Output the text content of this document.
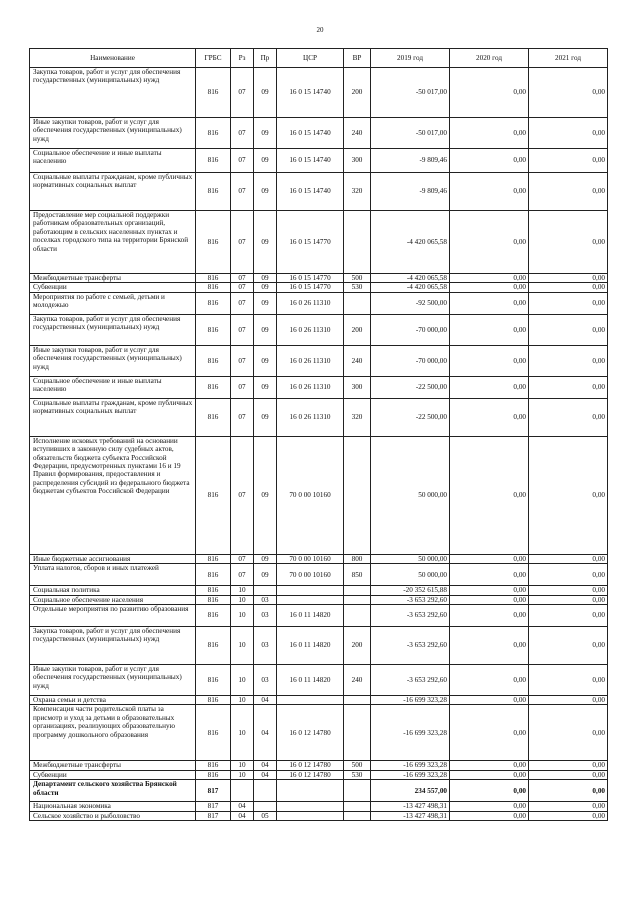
20
Наименование	ГРБС	Рз	Пр	ЦСР	ВР	2019 год	2020 год	2021 год
Закупка товаров, работ и услуг для обеспечения государственных (муниципальных) нужд	816	07	09	16 0 15 14740	200	-50 017,00	0,00	0,00
Иные закупки товаров, работ и услуг для обеспечения государственных (муниципальных) нужд	816	07	09	16 0 15 14740	240	-50 017,00	0,00	0,00
Социальное обеспечение и иные выплаты населению	816	07	09	16 0 15 14740	300	-9 809,46	0,00	0,00
Социальные выплаты гражданам, кроме публичных нормативных социальных выплат	816	07	09	16 0 15 14740	320	-9 809,46	0,00	0,00
Предоставление мер социальной поддержки работникам образовательных организаций, работающим в сельских населенных пунктах и поселках городского типа на территории Брянской области	816	07	09	16 0 15 14770		-4 420 065,58	0,00	0,00
Межбюджетные трансферты	816	07	09	16 0 15 14770	500	-4 420 065,58	0,00	0,00
Субвенции	816	07	09	16 0 15 14770	530	-4 420 065,58	0,00	0,00
Мероприятия по работе с семьей, детьми и молодежью	816	07	09	16 0 26 11310		-92 500,00	0,00	0,00
Закупка товаров, работ и услуг для обеспечения государственных (муниципальных) нужд	816	07	09	16 0 26 11310	200	-70 000,00	0,00	0,00
Иные закупки товаров, работ и услуг для обеспечения государственных (муниципальных) нужд	816	07	09	16 0 26 11310	240	-70 000,00	0,00	0,00
Социальное обеспечение и иные выплаты населению	816	07	09	16 0 26 11310	300	-22 500,00	0,00	0,00
Социальные выплаты гражданам, кроме публичных нормативных социальных выплат	816	07	09	16 0 26 11310	320	-22 500,00	0,00	0,00
Исполнение исковых требований на основании вступивших в законную силу судебных актов, обязательств бюджета субъекта Российской Федерации, предусмотренных пунктами 16 и 19 Правил формирования, предоставления и распределения субсидий из федерального бюджета бюджетам субъектов Российской Федерации	816	07	09	70 0 00 10160		50 000,00	0,00	0,00
Иные бюджетные ассигнования	816	07	09	70 0 00 10160	800	50 000,00	0,00	0,00
Уплата налогов, сборов и иных платежей	816	07	09	70 0 00 10160	850	50 000,00	0,00	0,00
Социальная политика	816	10				-20 352 615,88	0,00	0,00
Социальное обеспечение населения	816	10	03			-3 653 292,60	0,00	0,00
Отдельные мероприятия по развитию образования	816	10	03	16 0 11 14820		-3 653 292,60	0,00	0,00
Закупка товаров, работ и услуг для обеспечения государственных (муниципальных) нужд	816	10	03	16 0 11 14820	200	-3 653 292,60	0,00	0,00
Иные закупки товаров, работ и услуг для обеспечения государственных (муниципальных) нужд	816	10	03	16 0 11 14820	240	-3 653 292,60	0,00	0,00
Охрана семьи и детства	816	10	04			-16 699 323,28	0,00	0,00
Компенсация части родительской платы за присмотр и уход за детьми в образовательных организациях, реализующих образовательную программу дошкольного образования	816	10	04	16 0 12 14780		-16 699 323,28	0,00	0,00
Межбюджетные трансферты	816	10	04	16 0 12 14780	500	-16 699 323,28	0,00	0,00
Субвенции	816	10	04	16 0 12 14780	530	-16 699 323,28	0,00	0,00
Департамент сельского хозяйства Брянской области	817					234 557,00	0,00	0,00
Национальная экономика	817	04				-13 427 498,31	0,00	0,00
Сельское хозяйство и рыболовство	817	04	05			-13 427 498,31	0,00	0,00
